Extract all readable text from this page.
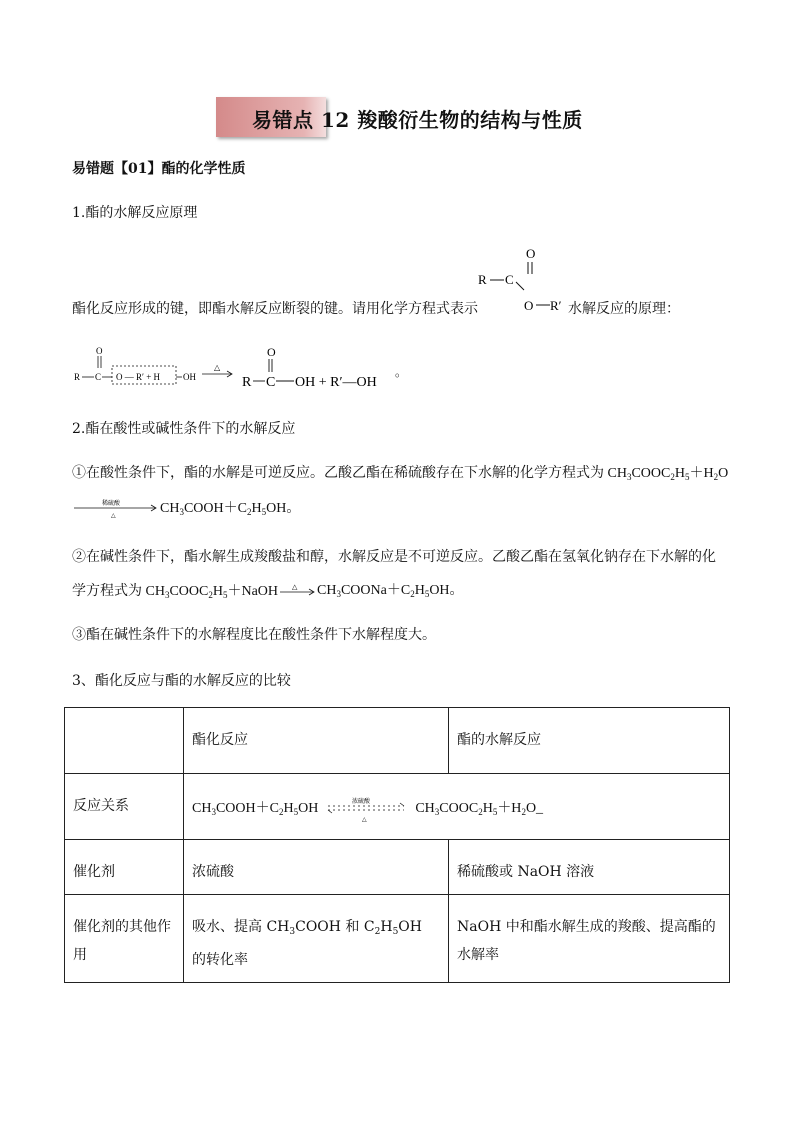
易错点 12 羧酸衍生物的结构与性质
易错题【01】酯的化学性质
1.酯的水解反应原理
酯化反应形成的键，即酯水解反应断裂的键。请用化学方程式表示
O
R C
O R′ 水解反应的原理：
O
R C O — R′ + H	OH
△
O
R C OH + R′—OH
。
2.酯在酸性或碱性条件下的水解反应
①在酸性条件下，酯的水解是可逆反应。乙酸乙酯在稀硫酸存在下水解的化学方程式为 $CH_3COOC_2H_5+H_2O$
稀硫酸
△	$CH_3COOH+C_2H_5OH$。
②在碱性条件下，酯水解生成羧酸盐和醇，水解反应是不可逆反应。乙酸乙酯在氢氧化钠存在下水解的化
学方程式为 $CH_3COOC_2H_5+NaOH$ △ $CH_3COONa+C_2H_5OH$。
③酯在碱性条件下的水解程度比在酸性条件下水解程度大。
3、酯化反应与酯的水解反应的比较
	酯化反应	酯的水解反应
反应关系	$CH_3COOH+C_2H_5OH$ 浓硫酸
△
$CH_3COOC_2H_5+H_2O\_$	
催化剂	浓硫酸	稀硫酸或 NaOH 溶液
催化剂的其他作用	吸水、提高 $CH_3COOH$ 和 $C_2H_5OH$ 的转化率	NaOH 中和酯水解生成的羧酸、提高酯的水解率
